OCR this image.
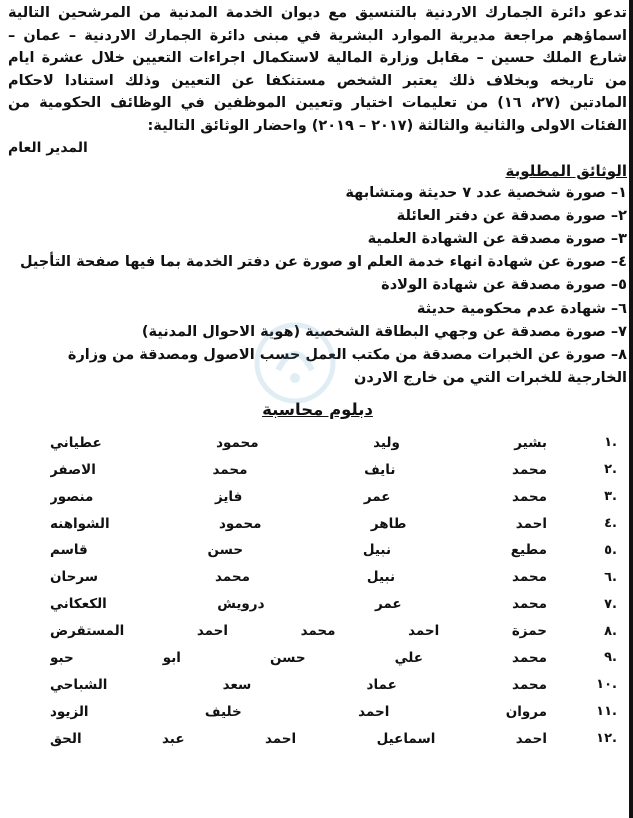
تدعو دائرة الجمارك الاردنية بالتنسيق مع ديوان الخدمة المدنية من المرشحين التالية

اسماؤهم مراجعة مديرية الموارد البشرية في مبنى دائرة الجمارك الاردنية – عمان –

شارع الملك حسين – مقابل وزارة المالية لاستكمال اجراءات التعيين خلال عشرة ايام

من تاريخه وبخلاف ذلك يعتبر الشخص مستنكفا عن التعيين وذلك استنادا لاحكام

المادتين (٢٧، ١٦) من تعليمات اختيار وتعيين الموظفين في الوظائف الحكومية من

الفئات الاولى والثانية والثالثة (٢٠١٧ – ٢٠١٩) واحضار الوثائق التالية:

المدير العام
الوثائق المطلوبة
١– صورة شخصية عدد ٧ حديثة ومتشابهة
٢– صورة مصدقة عن دفتر العائلة
٣– صورة مصدقة عن الشهادة العلمية
٤– صورة عن شهادة انهاء خدمة العلم او صورة عن دفتر الخدمة بما فيها صفحة التأجيل
٥– صورة مصدقة عن شهادة الولادة
٦– شهادة عدم محكومية حديثة
٧– صورة مصدقة عن وجهي البطاقة الشخصية (هوية الاحوال المدنية)
٨– صورة عن الخبرات مصدقة من مكتب العمل حسب الاصول ومصدقة من وزارة الخارجية للخبرات التي من خارج الاردن
دبلوم محاسبة
.١
بشير وليد محمود عطياني
.٢
محمد نايف محمد الاصفر
.٣
محمد عمر فايز منصور
.٤
احمد طاهر محمود الشواهنه
.٥
مطيع نبيل حسن قاسم
.٦
محمد نبيل محمد سرحان
.٧
محمد عمر درويش الكعكاني
.٨
حمزة احمد محمد احمد المستقرض
.٩
محمد علي حسن ابو حبو
.١٠
محمد عماد سعد الشباحي
.١١
مروان احمد خليف الزيود
.١٢
احمد اسماعيل احمد عبد الحق
